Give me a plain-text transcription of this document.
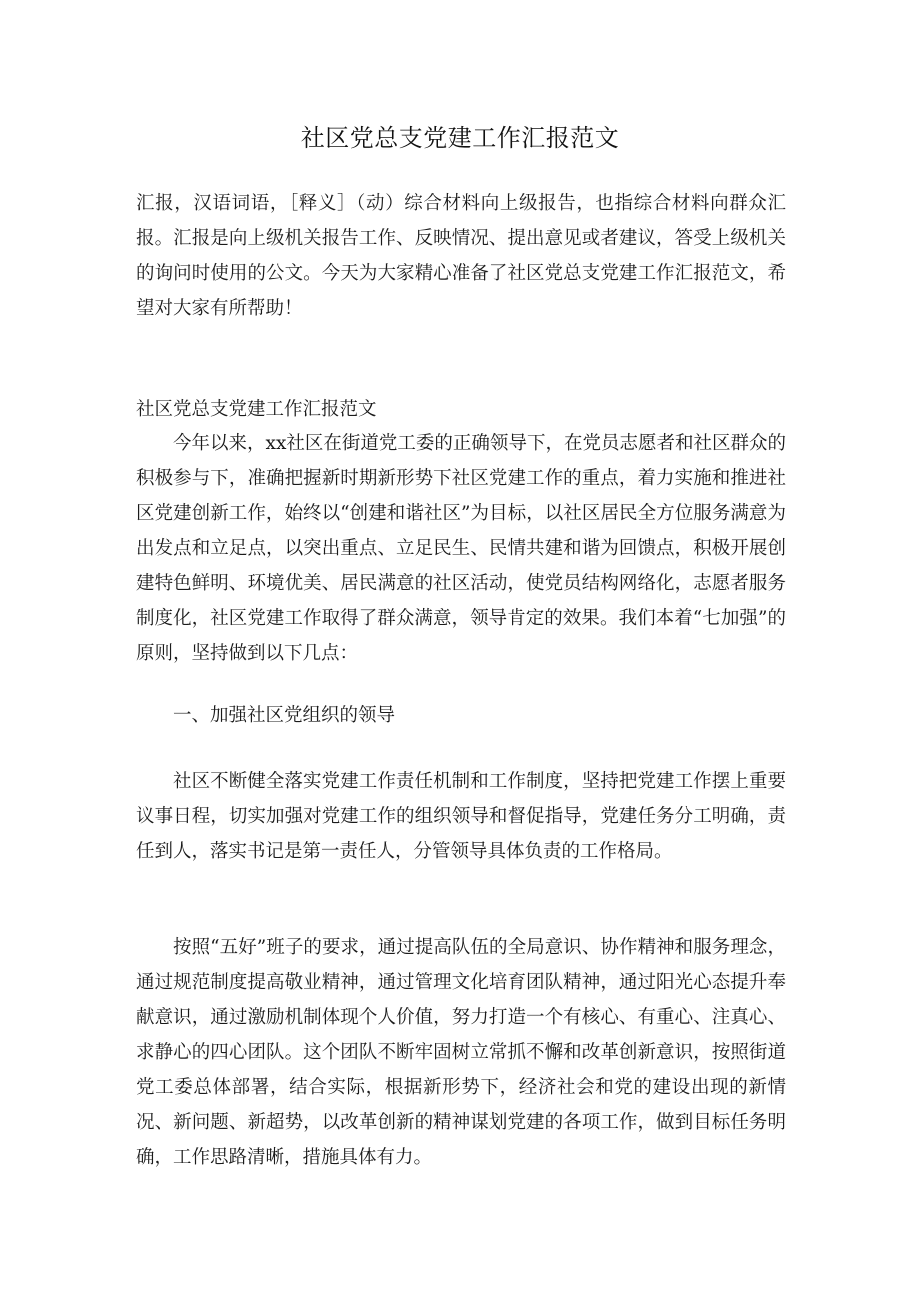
社区党总支党建工作汇报范文

汇报，汉语词语，［释义］（动）综合材料向上级报告，也指综合材料向群众汇报。汇报是向上级机关报告工作、反映情况、提出意见或者建议，答受上级机关的询问时使用的公文。今天为大家精心准备了社区党总支党建工作汇报范文，希望对大家有所帮助！

社区党总支党建工作汇报范文

今年以来，xx社区在街道党工委的正确领导下，在党员志愿者和社区群众的积极参与下，准确把握新时期新形势下社区党建工作的重点，着力实施和推进社区党建创新工作，始终以“创建和谐社区”为目标，以社区居民全方位服务满意为出发点和立足点，以突出重点、立足民生、民情共建和谐为回馈点，积极开展创建特色鲜明、环境优美、居民满意的社区活动，使党员结构网络化，志愿者服务制度化，社区党建工作取得了群众满意，领导肯定的效果。我们本着“七加强”的原则，坚持做到以下几点：

一、加强社区党组织的领导

社区不断健全落实党建工作责任机制和工作制度，坚持把党建工作摆上重要议事日程，切实加强对党建工作的组织领导和督促指导，党建任务分工明确，责任到人，落实书记是第一责任人，分管领导具体负责的工作格局。

按照“五好”班子的要求，通过提高队伍的全局意识、协作精神和服务理念，通过规范制度提高敬业精神，通过管理文化培育团队精神，通过阳光心态提升奉献意识，通过激励机制体现个人价值，努力打造一个有核心、有重心、注真心、求静心的四心团队。这个团队不断牢固树立常抓不懈和改革创新意识，按照街道党工委总体部署，结合实际，根据新形势下，经济社会和党的建设出现的新情况、新问题、新超势，以改革创新的精神谋划党建的各项工作，做到目标任务明确，工作思路清晰，措施具体有力。
